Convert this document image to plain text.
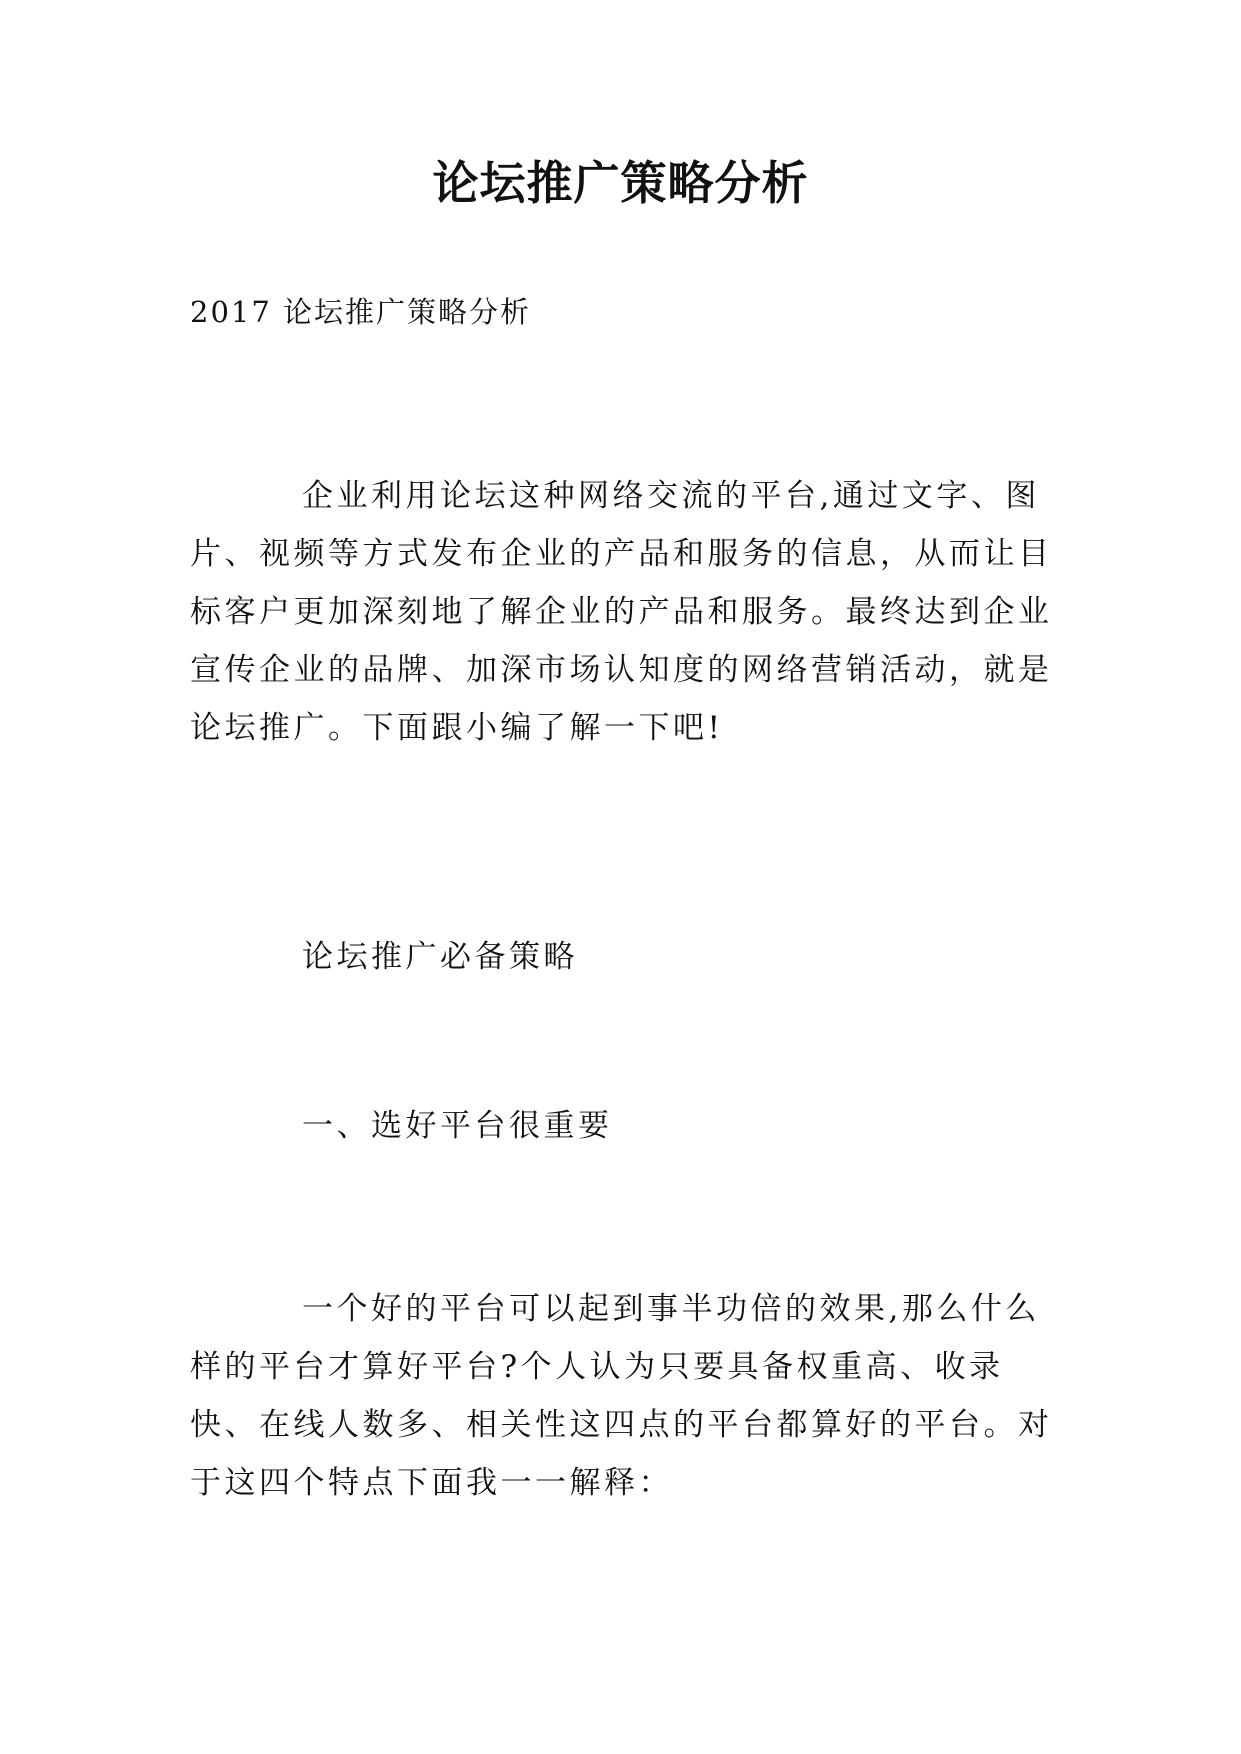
论坛推广策略分析

2017 论坛推广策略分析

企业利用论坛这种网络交流的平台,通过文字、图片、视频等方式发布企业的产品和服务的信息，从而让目标客户更加深刻地了解企业的产品和服务。最终达到企业宣传企业的品牌、加深市场认知度的网络营销活动，就是论坛推广。下面跟小编了解一下吧!

论坛推广必备策略

一、选好平台很重要

一个好的平台可以起到事半功倍的效果,那么什么样的平台才算好平台?个人认为只要具备权重高、收录快、在线人数多、相关性这四点的平台都算好的平台。对于这四个特点下面我一一解释：
